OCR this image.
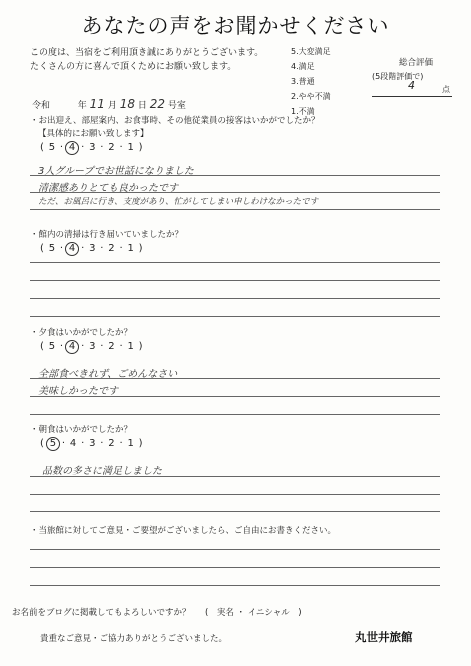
あなたの声をお聞かせください
この度は、当宿をご利用頂き誠にありがとうございます。
たくさんの方に喜んで頂くためにお願い致します。
5.大変満足
4.満足
3.普通
2.やや不満
1.不満
総合評価
(5段階評価で)
4	点
令和	年 11 月 18 日 22 号室
・お出迎え、部屋案内、お食事時、その他従業員の接客はいかがでしたか？
【具体的にお願い致します】
( 5 · 4 · 3 · 2 · 1 )
3人グループでお世話になりました
清潔感ありとても良かったです
ただ、お風呂に行き、支度があり、忙がしてしまい申しわけなかったです
・館内の清掃は行き届いていましたか？
( 5 · 4 · 3 · 2 · 1 )
・夕食はいかがでしたか？
( 5 · 4 · 3 · 2 · 1 )
全部食べきれず、ごめんなさい
美味しかったです
・朝食はいかがでしたか？
( 5 · 4 · 3 · 2 · 1 )
品数の多さに満足しました
・当旅館に対してご意見・ご要望がございましたら、ご自由にお書きください。
お名前をブログに掲載してもよろしいですか？ (　実名 ・ イニシャル　)
貴重なご意見・ご協力ありがとうございました。	丸世井旅館
